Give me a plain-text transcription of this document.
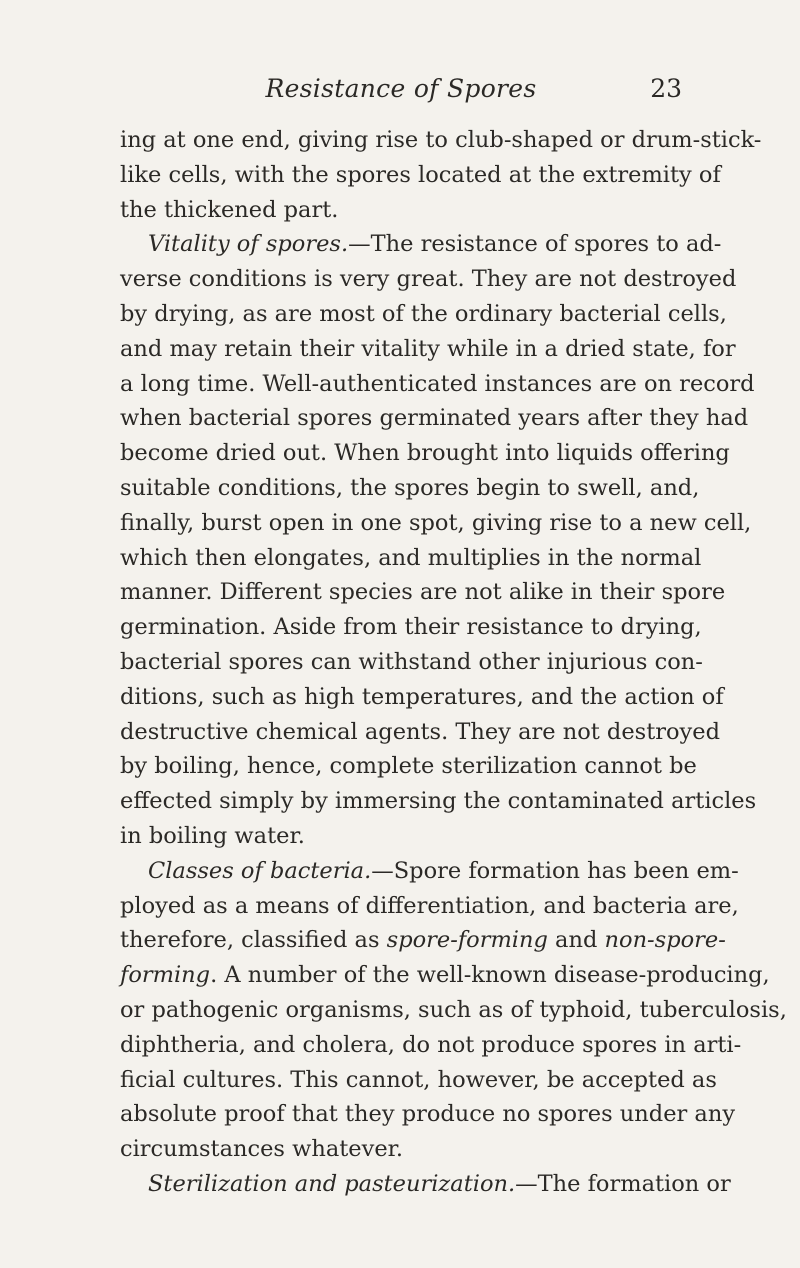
Resistance of Spores	23
ing at one end, giving rise to club-shaped or drum-stick-
like cells, with the spores located at the extremity of
the thickened part.
Vitality of spores.—The resistance of spores to ad-
verse conditions is very great. They are not destroyed
by drying, as are most of the ordinary bacterial cells,
and may retain their vitality while in a dried state, for
a long time. Well-authenticated instances are on record
when bacterial spores germinated years after they had
become dried out. When brought into liquids offering
suitable conditions, the spores begin to swell, and,
finally, burst open in one spot, giving rise to a new cell,
which then elongates, and multiplies in the normal
manner. Different species are not alike in their spore
germination. Aside from their resistance to drying,
bacterial spores can withstand other injurious con-
ditions, such as high temperatures, and the action of
destructive chemical agents. They are not destroyed
by boiling, hence, complete sterilization cannot be
effected simply by immersing the contaminated articles
in boiling water.
Classes of bacteria.—Spore formation has been em-
ployed as a means of differentiation, and bacteria are,
therefore, classified as spore-forming and non-spore-
forming. A number of the well-known disease-producing,
or pathogenic organisms, such as of typhoid, tuberculosis,
diphtheria, and cholera, do not produce spores in arti-
ficial cultures. This cannot, however, be accepted as
absolute proof that they produce no spores under any
circumstances whatever.
Sterilization and pasteurization.—The formation or
